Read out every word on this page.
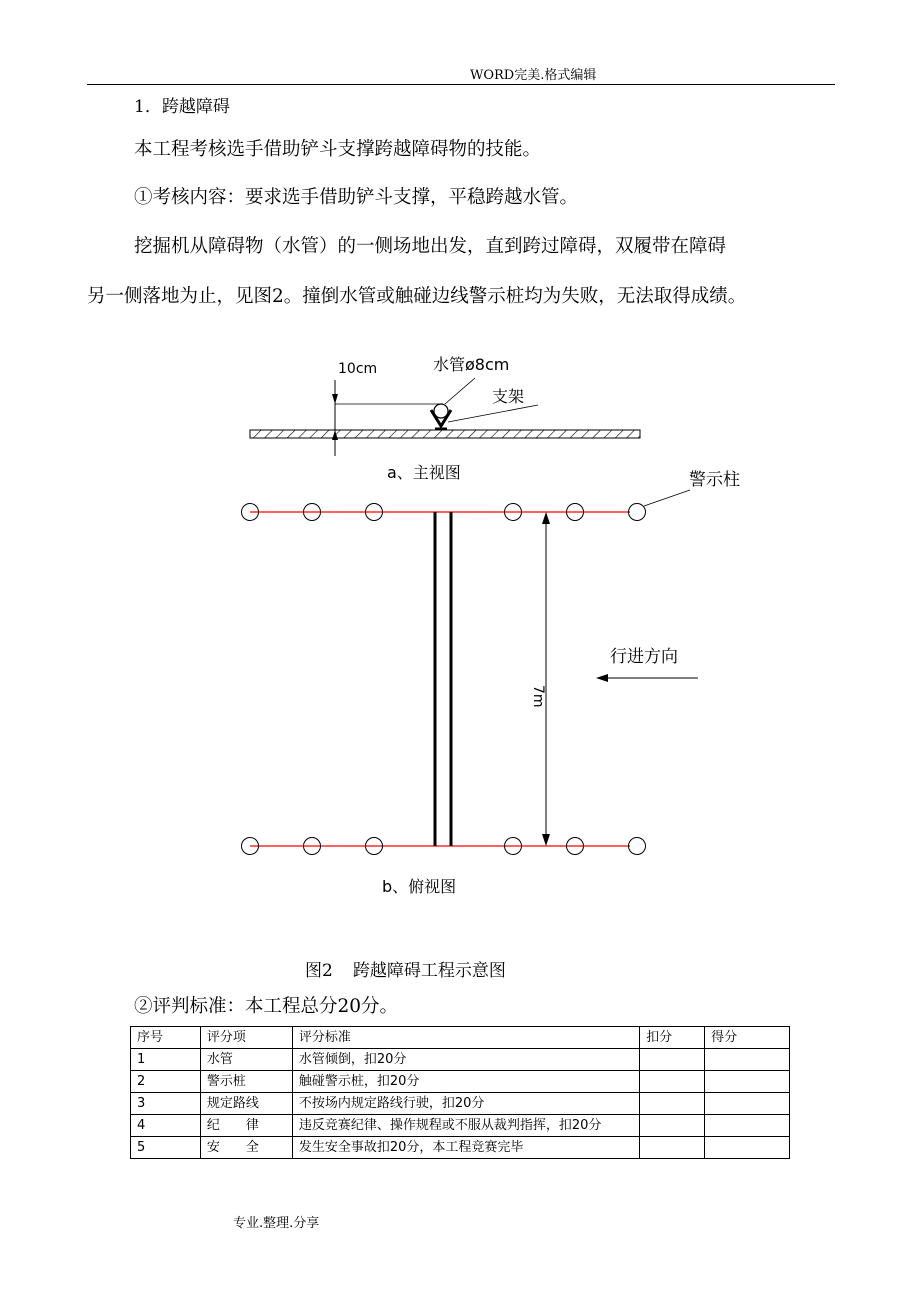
WORD完美.格式编辑
1．跨越障碍
本工程考核选手借助铲斗支撑跨越障碍物的技能。
①考核内容：要求选手借助铲斗支撑，平稳跨越水管。
挖掘机从障碍物（水管）的一侧场地出发，直到跨过障碍，双履带在障碍
另一侧落地为止，见图2。撞倒水管或触碰边线警示桩均为失败，无法取得成绩。
10cm	水管ø8cm
支架
a、主视图
7m
警示柱
行进方向
b、俯视图
图2 跨越障碍工程示意图
②评判标准：本工程总分20分。
序号	评分项	评分标准	扣分	得分
1	水管	水管倾倒，扣20分		
2	警示桩	触碰警示桩，扣20分		
3	规定路线	不按场内规定路线行驶，扣20分		
4	纪　　律	违反竞赛纪律、操作规程或不服从裁判指挥，扣20分		
5	安　　全	发生安全事故扣20分，本工程竞赛完毕		
专业.整理.分享
